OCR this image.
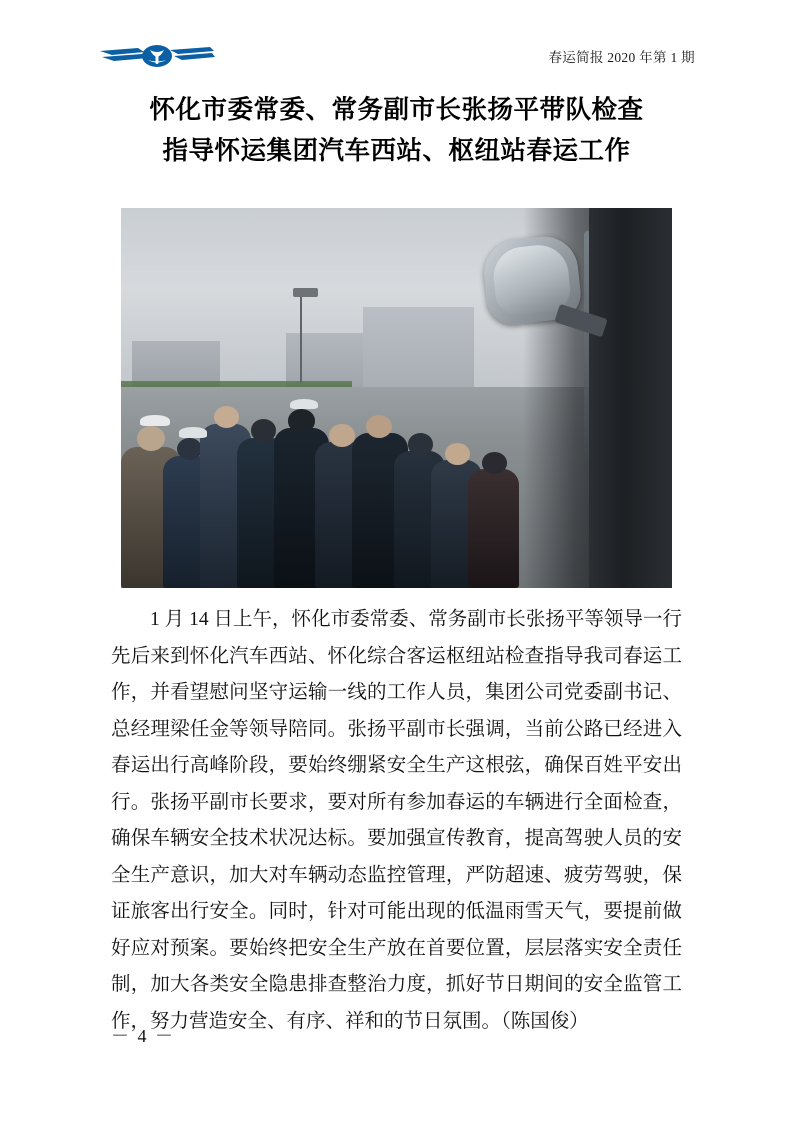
春运简报 2020 年第 1 期
怀化市委常委、常务副市长张扬平带队检查
指导怀运集团汽车西站、枢纽站春运工作
1 月 14 日上午，怀化市委常委、常务副市长张扬平等领导一行先后来到怀化汽车西站、怀化综合客运枢纽站检查指导我司春运工作，并看望慰问坚守运输一线的工作人员，集团公司党委副书记、总经理梁任金等领导陪同。张扬平副市长强调，当前公路已经进入春运出行高峰阶段，要始终绷紧安全生产这根弦，确保百姓平安出行。张扬平副市长要求，要对所有参加春运的车辆进行全面检查，确保车辆安全技术状况达标。要加强宣传教育，提高驾驶人员的安全生产意识，加大对车辆动态监控管理，严防超速、疲劳驾驶，保证旅客出行安全。同时，针对可能出现的低温雨雪天气，要提前做好应对预案。要始终把安全生产放在首要位置，层层落实安全责任制，加大各类安全隐患排查整治力度，抓好节日期间的安全监管工作，努力营造安全、有序、祥和的节日氛围。（陈国俊）
－ 4 －
